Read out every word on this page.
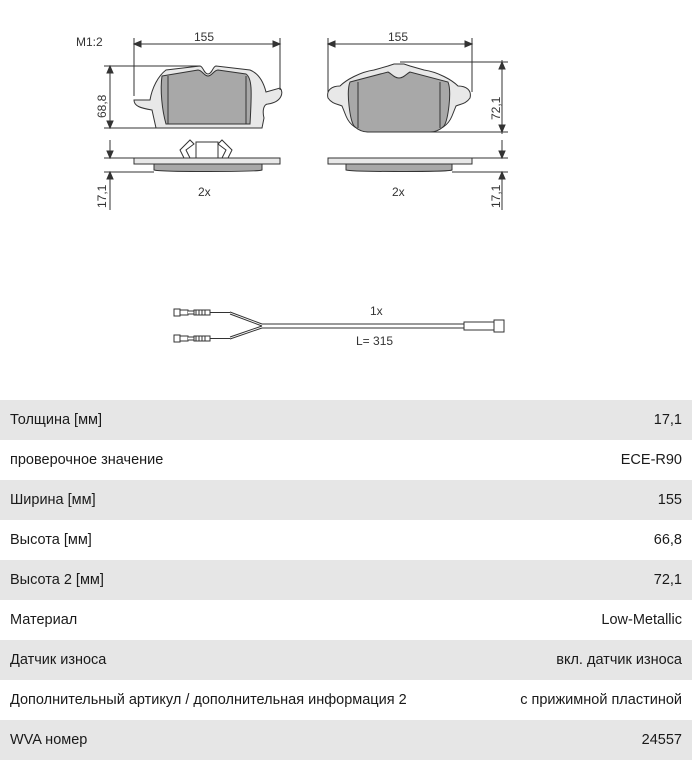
M1:2	155
68,8
17,1	2x
155
72,1
17,1
2x
1x
L= 315
Толщина [мм]	17,1
проверочное значение	ECE-R90
Ширина [мм]	155
Высота [мм]	66,8
Высота 2 [мм]	72,1
Материал	Low-Metallic
Датчик износа	вкл. датчик износа
Дополнительный артикул / дополнительная информация 2	с прижимной пластиной
WVA номер	24557
